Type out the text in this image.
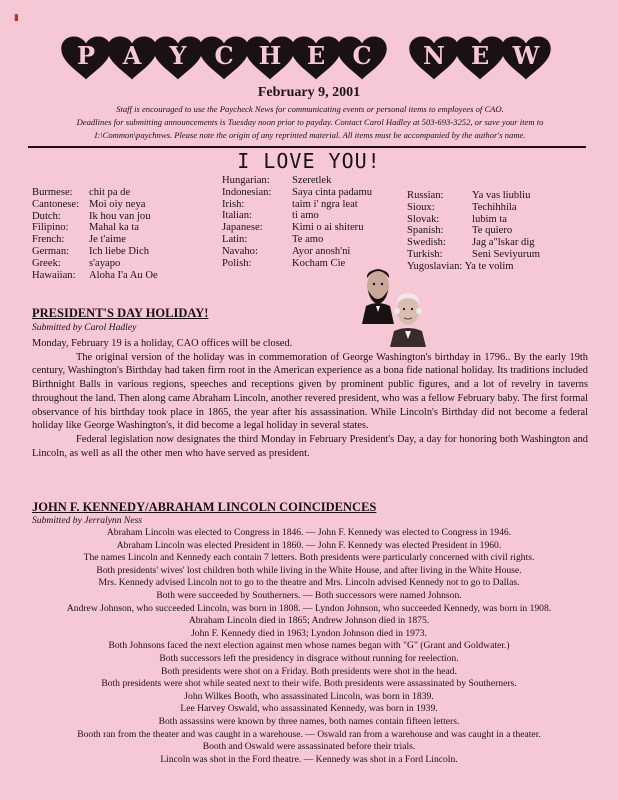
▮
P A Y C H E C N E W
February 9, 2001
Staff is encouraged to use the Paycheck News for communicating events or personal items to employees of CAO.
Deadlines for submitting announcements is Tuesday noon prior to payday. Contact Carol Hadley at 503-693-3252, or save your item to
I:\Common\paychnws. Please note the origin of any reprinted material. All items must be accompanied by the author's name.
I LOVE YOU!
Burmese:	chit pa de
Cantonese: Moi oiy neya
Dutch:	Ik hou van jou
Filipino:	Mahal ka ta
French:	Je t'aime
German:	Ich liebe Dich
Greek:	s'ayapo
Hawaiian:	Aloha I'a Au Oe
Hungarian:	Szeretlek
Indonesian:	Saya cinta padamu
Irish:	taim i' ngra leat
Italian:	ti amo
Japanese:	Kimi o ai shiteru
Latin:	Te amo
Navaho:	Ayor anosh'ni
Polish:	Kocham Cie
Russian:	Ya vas liubliu
Sioux:	Techihhila
Slovak:	lubim ta
Spanish:	Te quiero
Swedish:	Jag a"lskar dig
Turkish:	Seni Seviyurum
Yugoslavian: Ya te volim
PRESIDENT'S DAY HOLIDAY!
Submitted by Carol Hadley

Monday, February 19 is a holiday, CAO offices will be closed.

The original version of the holiday was in commemoration of George Washington's birthday in 1796.. By the early 19th century, Washington's Birthday had taken firm root in the American experience as a bona fide national holiday. Its traditions included Birthnight Balls in various regions, speeches and receptions given by prominent public figures, and a lot of revelry in taverns throughout the land. Then along came Abraham Lincoln, another revered president, who was a fellow February baby. The first formal observance of his birthday took place in 1865, the year after his assassination. While Lincoln's Birthday did not become a federal holiday like George Washington's, it did become a legal holiday in several states.

Federal legislation now designates the third Monday in February President's Day, a day for honoring both Washington and Lincoln, as well as all the other men who have served as president.

JOHN F. KENNEDY/ABRAHAM LINCOLN COINCIDENCES
Submitted by Jerralynn Ness
Abraham Lincoln was elected to Congress in 1846. — John F. Kennedy was elected to Congress in 1946.
Abraham Lincoln was elected President in 1860. — John F. Kennedy was elected President in 1960.
The names Lincoln and Kennedy each contain 7 letters. Both presidents were particularly concerned with civil rights.
Both presidents' wives' lost children both while living in the White House, and after living in the White House.
Mrs. Kennedy advised Lincoln not to go to the theatre and Mrs. Lincoln advised Kennedy not to go to Dallas.
Both were succeeded by Southerners. — Both successors were named Johnson.
Andrew Johnson, who succeeded Lincoln, was born in 1808. — Lyndon Johnson, who succeeded Kennedy, was born in 1908.
Abraham Lincoln died in 1865; Andrew Johnson died in 1875.
John F. Kennedy died in 1963; Lyndon Johnson died in 1973.
Both Johnsons faced the next election against men whose names began with "G" (Grant and Goldwater.)
Both successors left the presidency in disgrace without running for reelection.
Both presidents were shot on a Friday. Both presidents were shot in the head.
Both presidents were shot while seated next to their wife. Both presidents were assassinated by Southerners.
John Wilkes Booth, who assassinated Lincoln, was born in 1839.
Lee Harvey Oswald, who assassinated Kennedy, was born in 1939.
Both assassins were known by three names, both names contain fifteen letters.
Booth ran from the theater and was caught in a warehouse. — Oswald ran from a warehouse and was caught in a theater.
Booth and Oswald were assassinated before their trials.
Lincoln was shot in the Ford theatre. — Kennedy was shot in a Ford Lincoln.
